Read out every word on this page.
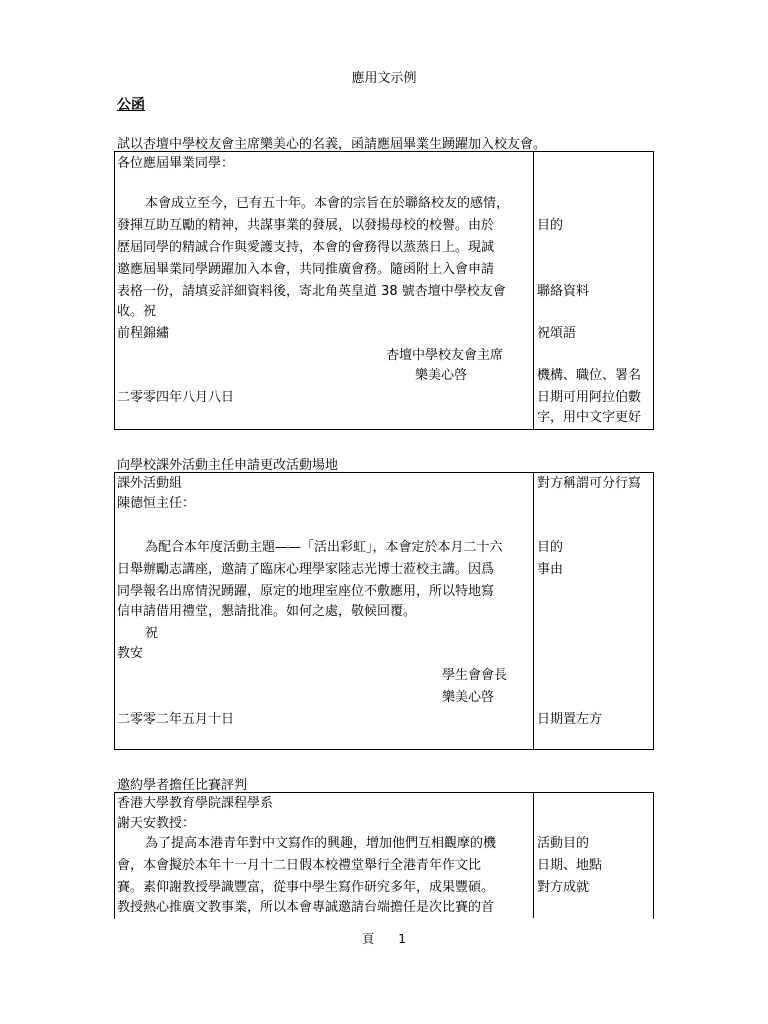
應用文示例
公函
試以杏壇中學校友會主席樂美心的名義，函請應屆畢業生踴躍加入校友會。
各位應屆畢業同學：
本會成立至今，已有五十年。本會的宗旨在於聯絡校友的感情，
發揮互助互勵的精神，共謀事業的發展，以發揚母校的校譽。由於
歷屆同學的精誠合作與愛護支持，本會的會務得以蒸蒸日上。現誠
邀應屆畢業同學踴躍加入本會，共同推廣會務。隨函附上入會申請
表格一份，請填妥詳細資料後，寄北角英皇道 38 號杏壇中學校友會
收。祝
前程錦繡
杏壇中學校友會主席
樂美心啓
二零零四年八月八日
目的
聯絡資料
祝頌語
機構、職位、署名
日期可用阿拉伯數
字，用中文字更好
向學校課外活動主任申請更改活動場地
課外活動組
陳德恒主任：
為配合本年度活動主題——「活出彩虹」，本會定於本月二十六
日舉辦勵志講座，邀請了臨床心理學家陸志光博士蒞校主講。因爲
同學報名出席情況踴躍，原定的地理室座位不敷應用，所以特地寫
信申請借用禮堂，懇請批准。如何之處，敬候回覆。
祝
教安
學生會會長
樂美心啓
二零零二年五月十日
對方稱謂可分行寫
目的
事由
日期置左方
邀約學者擔任比賽評判
香港大學教育學院課程學系
謝天安教授：
為了提高本港青年對中文寫作的興趣，增加他們互相觀摩的機
會，本會擬於本年十一月十二日假本校禮堂舉行全港青年作文比
賽。素仰謝教授學識豐富，從事中學生寫作研究多年，成果豐碩。
教授熱心推廣文教事業，所以本會專誠邀請台端擔任是次比賽的首
活動目的
日期、地點
對方成就
頁 1
